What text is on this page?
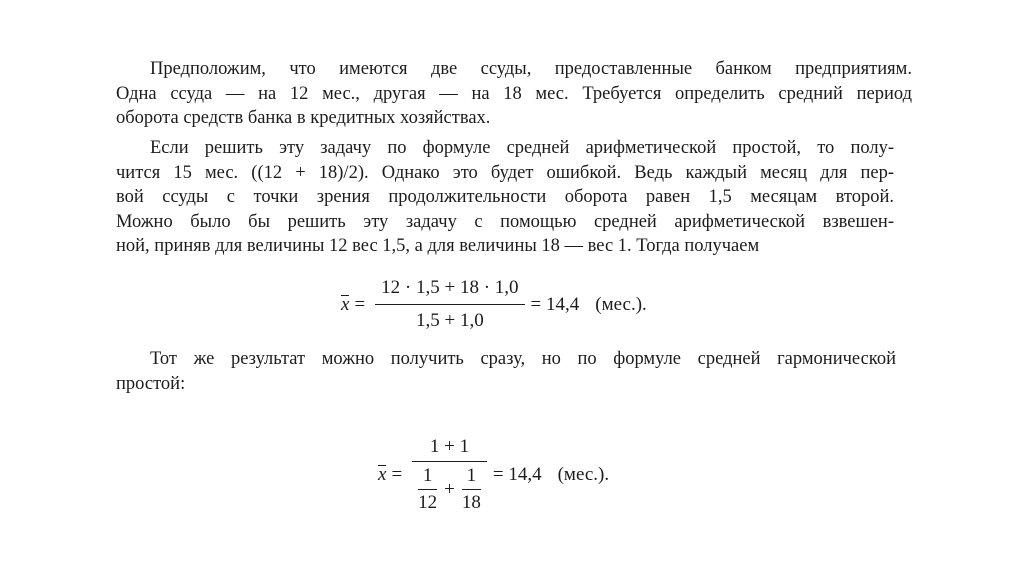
Предположим, что имеются две ссуды, предоставленные банком предприятиям.
Одна ссуда — на 12 мес., другая — на 18 мес. Требуется определить средний период
оборота средств банка в кредитных хозяйствах.
Если решить эту задачу по формуле средней арифметической простой, то полу-
чится 15 мес. ((12 + 18)/2). Однако это будет ошибкой. Ведь каждый месяц для пер-
вой ссуды с точки зрения продолжительности оборота равен 1,5 месяцам второй.
Можно было бы решить эту задачу с помощью средней арифметической взвешен-
ной, приняв для величины 12 вес 1,5, а для величины 18 — вес 1. Тогда получаем
$x = \frac{12 \cdot 1,5 + 18 \cdot 1,0}{1,5 + 1,0} = 14,4$ (мес.).
Тот же результат можно получить сразу, но по формуле средней гармонической
простой:
x =
1 + 1
1
12
+
1
18
= 14,4 (мес.).
